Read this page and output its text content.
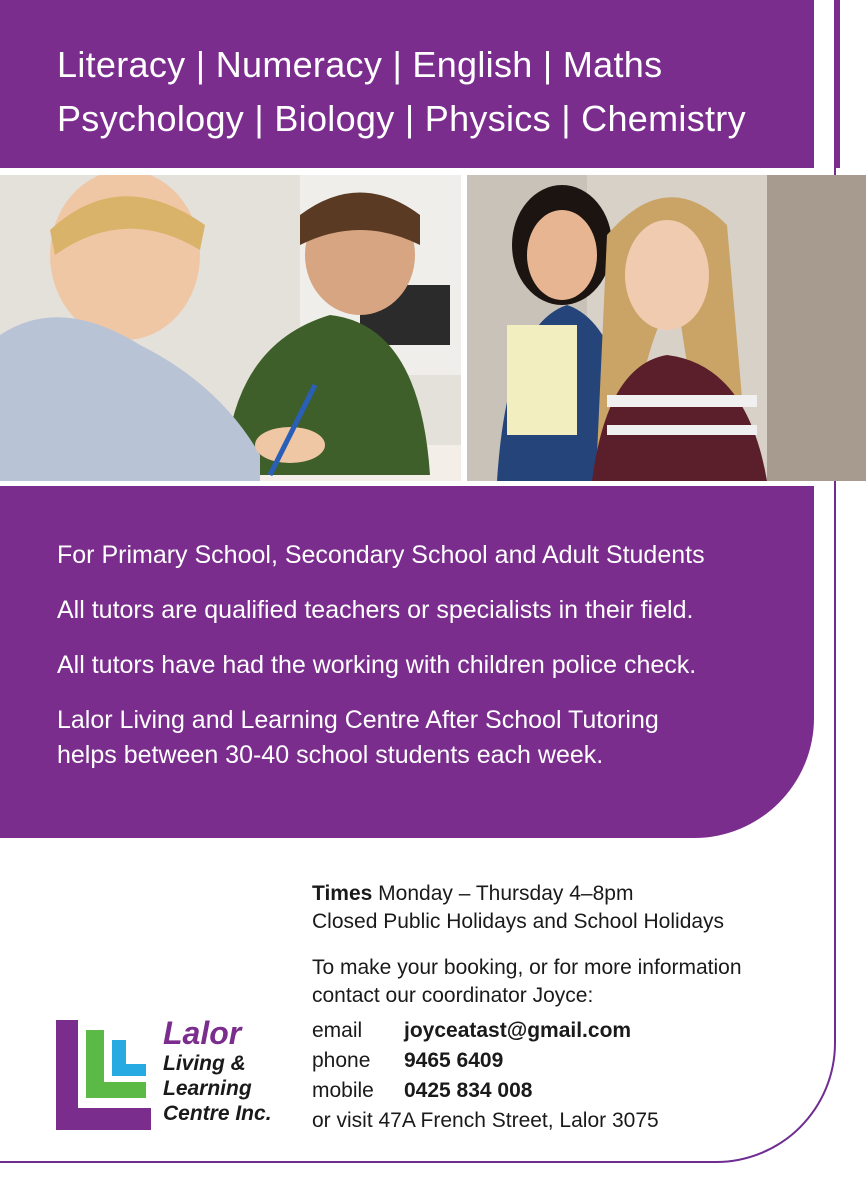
Literacy | Numeracy | English | Maths
Psychology | Biology | Physics | Chemistry

For Primary School, Secondary School and Adult Students

All tutors are qualified teachers or specialists in their field.

All tutors have had the working with children police check.

Lalor Living and Learning Centre After School Tutoring
helps between 30-40 school students each week.

Times Monday – Thursday 4–8pm
Closed Public Holidays and School Holidays
To make your booking, or for more information
contact our coordinator Joyce:
email	joyceatast@gmail.com
phone	9465 6409
mobile	0425 834 008
or visit 47A French Street, Lalor 3075
Lalor
Living &
Learning
Centre Inc.
